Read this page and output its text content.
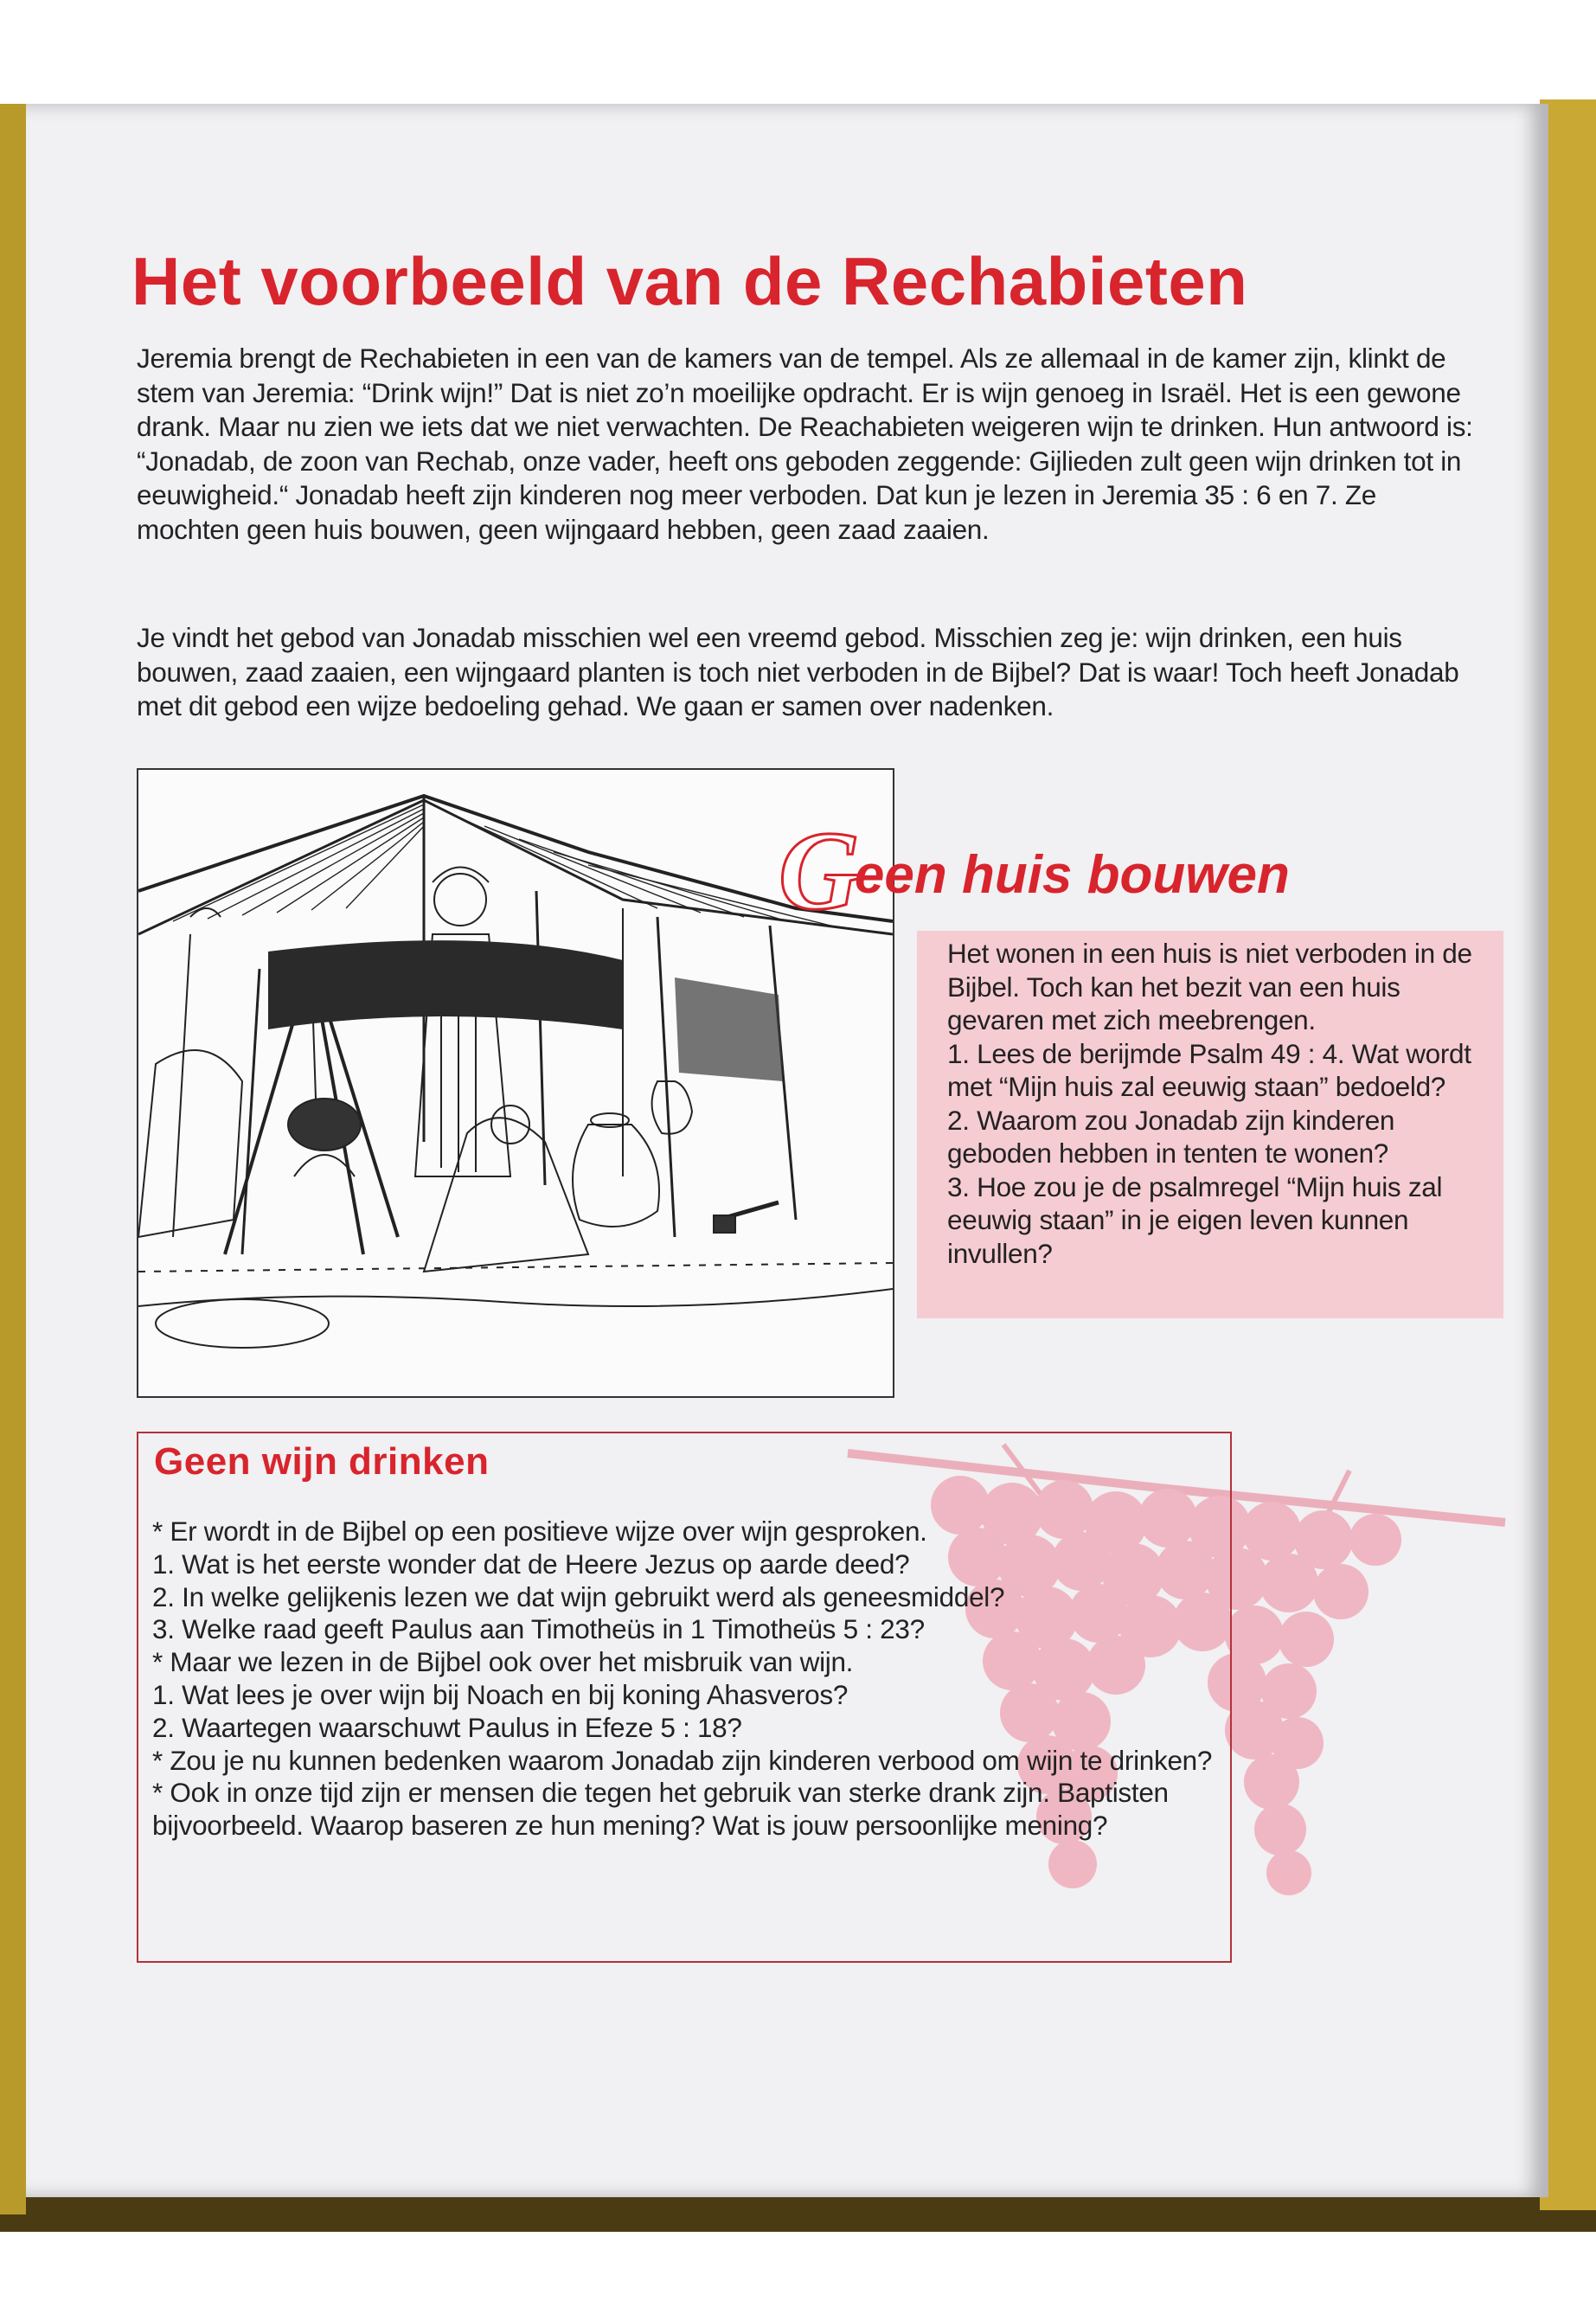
Het voorbeeld van de Rechabieten
Jeremia brengt de Rechabieten in een van de kamers van de tempel. Als ze allemaal in de kamer zijn, klinkt de stem van Jeremia: “Drink wijn!” Dat is niet zo’n moeilijke opdracht. Er is wijn genoeg in Israël. Het is een gewone drank. Maar nu zien we iets dat we niet verwachten. De Reachabieten weigeren wijn te drinken. Hun antwoord is: “Jonadab, de zoon van Rechab, onze vader, heeft ons geboden zeggende: Gijlieden zult geen wijn drinken tot in eeuwigheid.“ Jonadab heeft zijn kinderen nog meer verboden. Dat kun je lezen in Jeremia 35 : 6 en 7. Ze mochten geen huis bouwen, geen wijngaard hebben, geen zaad zaaien.
Je vindt het gebod van Jonadab misschien wel een vreemd gebod. Misschien zeg je: wijn drinken, een huis bouwen, zaad zaaien, een wijngaard planten is toch niet verboden in de Bijbel? Dat is waar! Toch heeft Jonadab met dit gebod een wijze bedoeling gehad. We gaan er samen over nadenken.
Geen huis bouwen

Het wonen in een huis is niet verboden in de Bijbel. Toch kan het bezit van een huis gevaren met zich meebrengen.

1. Lees de berijmde Psalm 49 : 4. Wat wordt met “Mijn huis zal eeuwig staan” bedoeld?

2. Waarom zou Jonadab zijn kinderen geboden hebben in tenten te wonen?

3. Hoe zou je de psalmregel “Mijn huis zal eeuwig staan” in je eigen leven kunnen invullen?

Geen wijn drinken

* Er wordt in de Bijbel op een positieve wijze over wijn gesproken.

1. Wat is het eerste wonder dat de Heere Jezus op aarde deed?

2. In welke gelijkenis lezen we dat wijn gebruikt werd als geneesmiddel?

3. Welke raad geeft Paulus aan Timotheüs in 1 Timotheüs 5 : 23?

* Maar we lezen in de Bijbel ook over het misbruik van wijn.

1. Wat lees je over wijn bij Noach en bij koning Ahasveros?

2. Waartegen waarschuwt Paulus in Efeze 5 : 18?

* Zou je nu kunnen bedenken waarom Jonadab zijn kinderen verbood om wijn te drinken?

* Ook in onze tijd zijn er mensen die tegen het gebruik van sterke drank zijn. Baptisten bijvoorbeeld. Waarop baseren ze hun mening? Wat is jouw persoonlijke mening?
